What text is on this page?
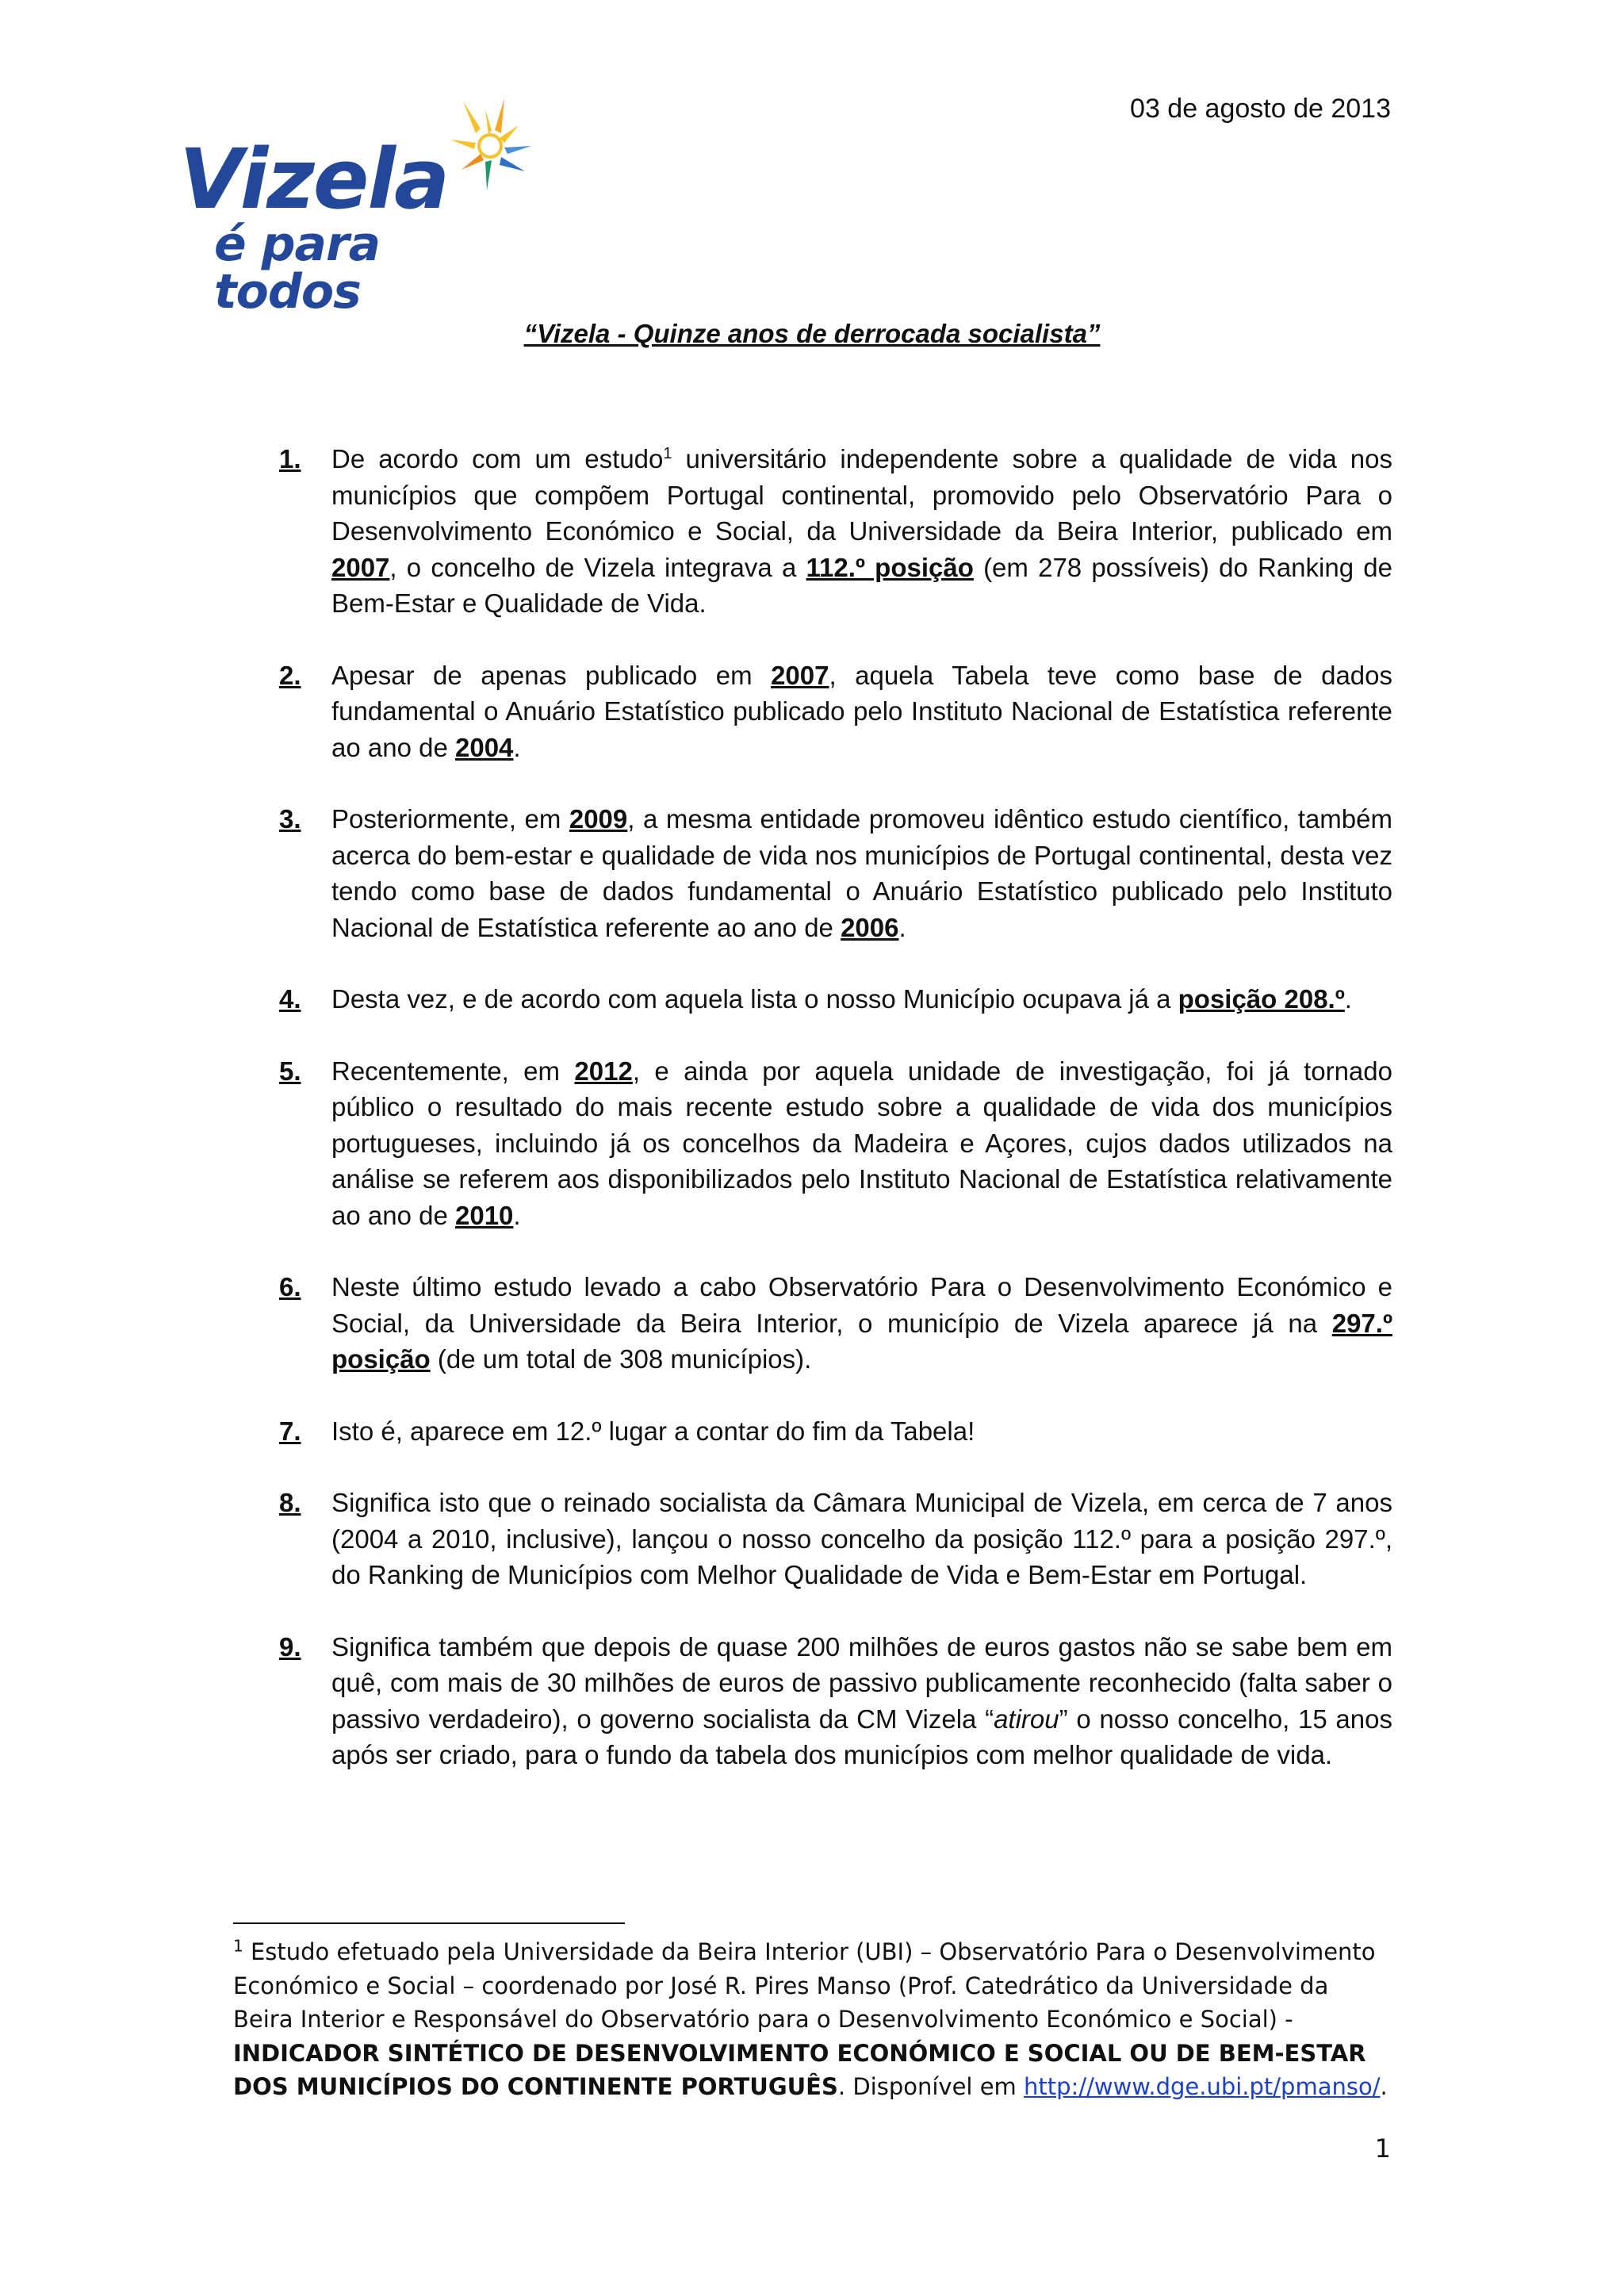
03 de agosto de 2013
Vizela
é para todos
“Vizela - Quinze anos de derrocada socialista”
1. De acordo com um estudo$^1$ universitário independente sobre a qualidade de vida nos municípios que compõem Portugal continental, promovido pelo Observatório Para o Desenvolvimento Económico e Social, da Universidade da Beira Interior, publicado em 2007, o concelho de Vizela integrava a 112.º posição (em 278 possíveis) do Ranking de Bem-Estar e Qualidade de Vida.
2. Apesar de apenas publicado em 2007, aquela Tabela teve como base de dados fundamental o Anuário Estatístico publicado pelo Instituto Nacional de Estatística referente ao ano de 2004.
3. Posteriormente, em 2009, a mesma entidade promoveu idêntico estudo científico, também acerca do bem-estar e qualidade de vida nos municípios de Portugal continental, desta vez tendo como base de dados fundamental o Anuário Estatístico publicado pelo Instituto Nacional de Estatística referente ao ano de 2006.
4. Desta vez, e de acordo com aquela lista o nosso Município ocupava já a posição 208.º.
5. Recentemente, em 2012, e ainda por aquela unidade de investigação, foi já tornado público o resultado do mais recente estudo sobre a qualidade de vida dos municípios portugueses, incluindo já os concelhos da Madeira e Açores, cujos dados utilizados na análise se referem aos disponibilizados pelo Instituto Nacional de Estatística relativamente ao ano de 2010.
6. Neste último estudo levado a cabo Observatório Para o Desenvolvimento Económico e Social, da Universidade da Beira Interior, o município de Vizela aparece já na 297.º posição (de um total de 308 municípios).
7. Isto é, aparece em 12.º lugar a contar do fim da Tabela!
8. Significa isto que o reinado socialista da Câmara Municipal de Vizela, em cerca de 7 anos (2004 a 2010, inclusive), lançou o nosso concelho da posição 112.º para a posição 297.º, do Ranking de Municípios com Melhor Qualidade de Vida e Bem-Estar em Portugal.
9. Significa também que depois de quase 200 milhões de euros gastos não se sabe bem em quê, com mais de 30 milhões de euros de passivo publicamente reconhecido (falta saber o passivo verdadeiro), o governo socialista da CM Vizela “atirou” o nosso concelho, 15 anos após ser criado, para o fundo da tabela dos municípios com melhor qualidade de vida.
$^1$ Estudo efetuado pela Universidade da Beira Interior (UBI) – Observatório Para o Desenvolvimento Económico e Social – coordenado por José R. Pires Manso (Prof. Catedrático da Universidade da Beira Interior e Responsável do Observatório para o Desenvolvimento Económico e Social) - INDICADOR SINTÉTICO DE DESENVOLVIMENTO ECONÓMICO E SOCIAL OU DE BEM-ESTAR DOS MUNICÍPIOS DO CONTINENTE PORTUGUÊS. Disponível em http://www.dge.ubi.pt/pmanso/.
1
